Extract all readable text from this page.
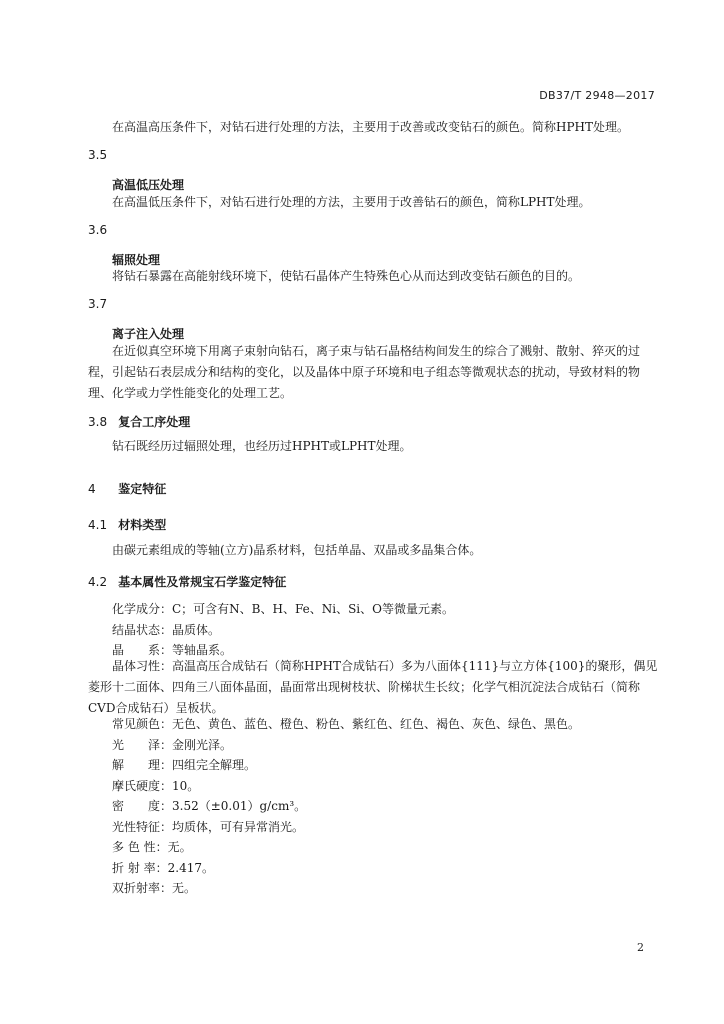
DB37/T 2948—2017
在高温高压条件下，对钻石进行处理的方法，主要用于改善或改变钻石的颜色。简称HPHT处理。
3.5
高温低压处理
在高温低压条件下，对钻石进行处理的方法，主要用于改善钻石的颜色，简称LPHT处理。
3.6
辐照处理
将钻石暴露在高能射线环境下，使钻石晶体产生特殊色心从而达到改变钻石颜色的目的。
3.7
离子注入处理
在近似真空环境下用离子束射向钻石，离子束与钻石晶格结构间发生的综合了溅射、散射、猝灭的过程，引起钻石表层成分和结构的变化，以及晶体中原子环境和电子组态等微观状态的扰动，导致材料的物理、化学或力学性能变化的处理工艺。
3.8 复合工序处理
钻石既经历过辐照处理，也经历过HPHT或LPHT处理。
4 鉴定特征
4.1 材料类型
由碳元素组成的等轴(立方)晶系材料，包括单晶、双晶或多晶集合体。
4.2 基本属性及常规宝石学鉴定特征
化学成分：C；可含有N、B、H、Fe、Ni、Si、O等微量元素。
结晶状态：晶质体。
晶　　系：等轴晶系。
晶体习性：高温高压合成钻石（简称HPHT合成钻石）多为八面体{111}与立方体{100}的聚形，偶见菱形十二面体、四角三八面体晶面，晶面常出现树枝状、阶梯状生长纹；化学气相沉淀法合成钻石（简称CVD合成钻石）呈板状。
常见颜色：无色、黄色、蓝色、橙色、粉色、紫红色、红色、褐色、灰色、绿色、黑色。
光　　泽：金刚光泽。
解　　理：四组完全解理。
摩氏硬度：10。
密　　度：3.52（±0.01）g/cm³。
光性特征：均质体，可有异常消光。
多 色 性：无。
折 射 率：2.417。
双折射率：无。
2
